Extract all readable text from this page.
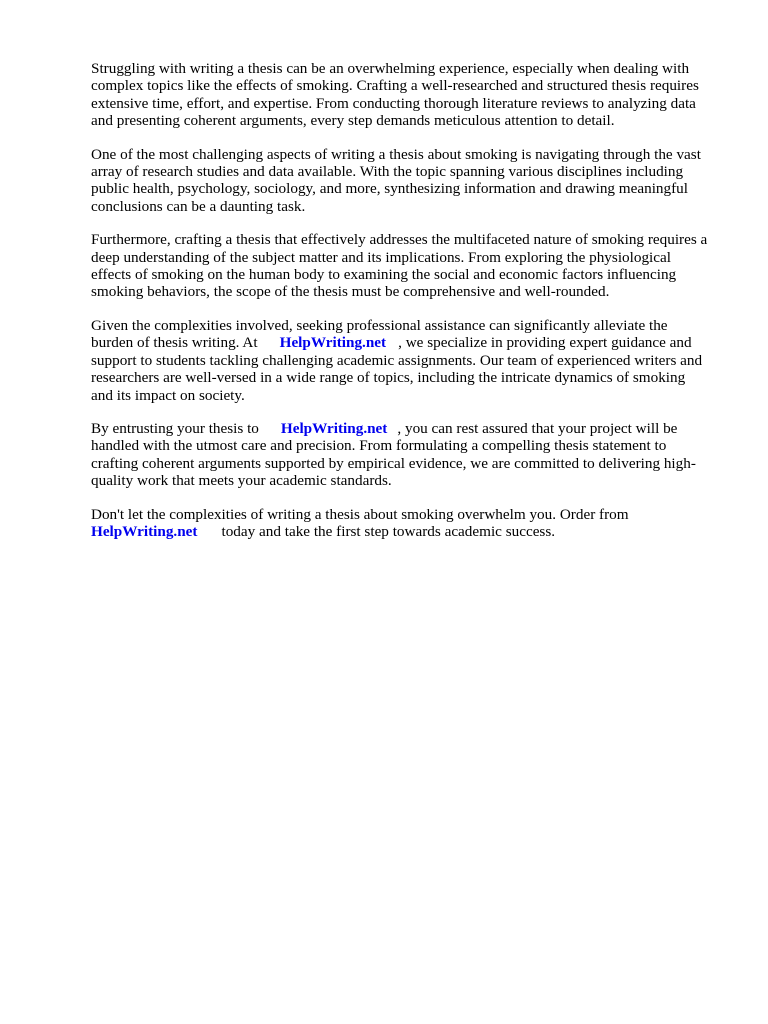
Struggling with writing a thesis can be an overwhelming experience, especially when dealing with
complex topics like the effects of smoking. Crafting a well-researched and structured thesis requires
extensive time, effort, and expertise. From conducting thorough literature reviews to analyzing data
and presenting coherent arguments, every step demands meticulous attention to detail.

One of the most challenging aspects of writing a thesis about smoking is navigating through the vast
array of research studies and data available. With the topic spanning various disciplines including
public health, psychology, sociology, and more, synthesizing information and drawing meaningful
conclusions can be a daunting task.

Furthermore, crafting a thesis that effectively addresses the multifaceted nature of smoking requires a
deep understanding of the subject matter and its implications. From exploring the physiological
effects of smoking on the human body to examining the social and economic factors influencing
smoking behaviors, the scope of the thesis must be comprehensive and well-rounded.

Given the complexities involved, seeking professional assistance can significantly alleviate the
burden of thesis writing. At HelpWriting.net , we specialize in providing expert guidance and
support to students tackling challenging academic assignments. Our team of experienced writers and
researchers are well-versed in a wide range of topics, including the intricate dynamics of smoking
and its impact on society.

By entrusting your thesis to HelpWriting.net , you can rest assured that your project will be
handled with the utmost care and precision. From formulating a compelling thesis statement to
crafting coherent arguments supported by empirical evidence, we are committed to delivering high-
quality work that meets your academic standards.

Don't let the complexities of writing a thesis about smoking overwhelm you. Order from
HelpWriting.net today and take the first step towards academic success.
